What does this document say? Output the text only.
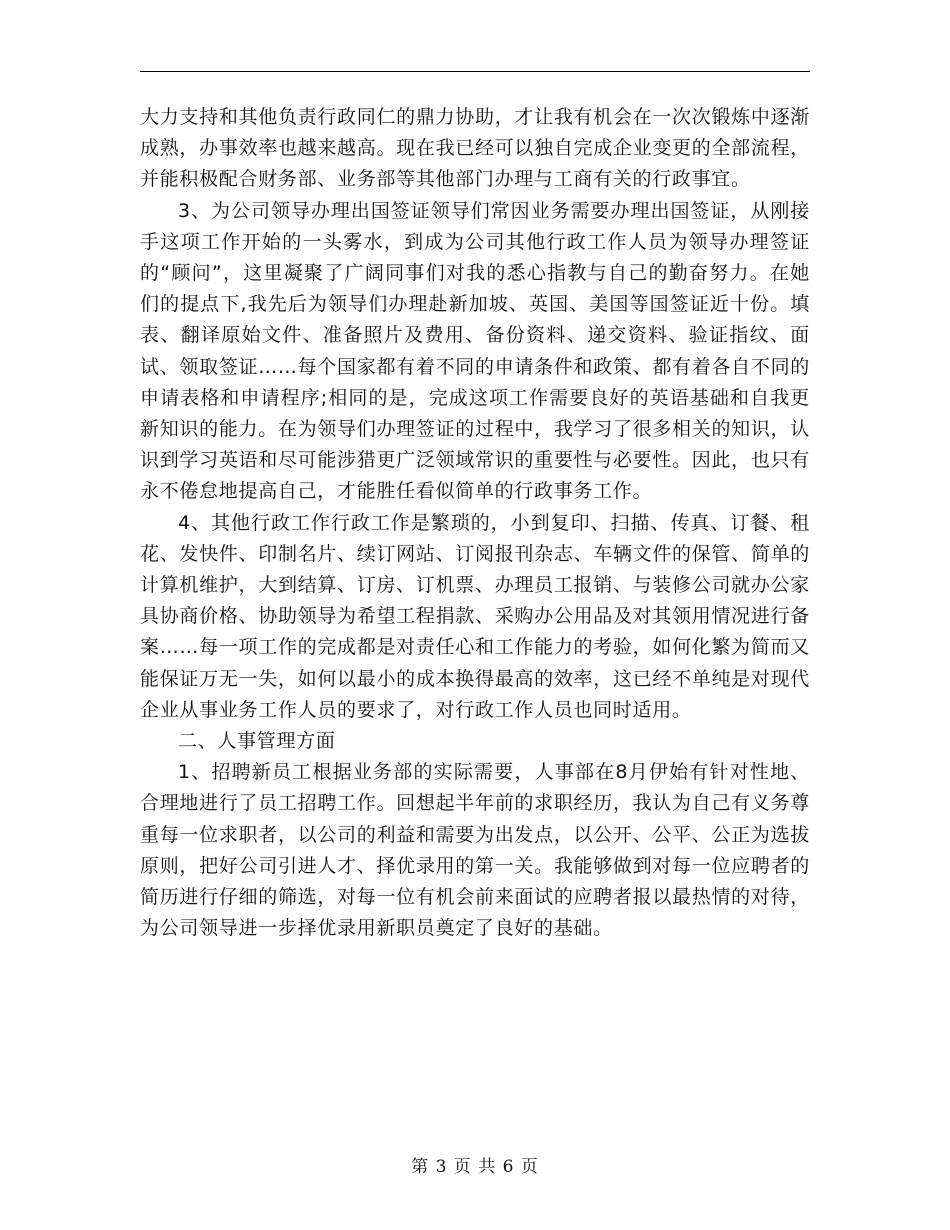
大力支持和其他负责行政同仁的鼎力协助，才让我有机会在一次次锻炼中逐渐成熟，办事效率也越来越高。现在我已经可以独自完成企业变更的全部流程，并能积极配合财务部、业务部等其他部门办理与工商有关的行政事宜。

3、为公司领导办理出国签证领导们常因业务需要办理出国签证，从刚接手这项工作开始的一头雾水，到成为公司其他行政工作人员为领导办理签证的“顾问”，这里凝聚了广阔同事们对我的悉心指教与自己的勤奋努力。在她们的提点下,我先后为领导们办理赴新加坡、英国、美国等国签证近十份。填表、翻译原始文件、准备照片及费用、备份资料、递交资料、验证指纹、面试、领取签证……每个国家都有着不同的申请条件和政策、都有着各自不同的申请表格和申请程序;相同的是，完成这项工作需要良好的英语基础和自我更新知识的能力。在为领导们办理签证的过程中，我学习了很多相关的知识，认识到学习英语和尽可能涉猎更广泛领域常识的重要性与必要性。因此，也只有永不倦怠地提高自己，才能胜任看似简单的行政事务工作。

4、其他行政工作行政工作是繁琐的，小到复印、扫描、传真、订餐、租花、发快件、印制名片、续订网站、订阅报刊杂志、车辆文件的保管、简单的计算机维护，大到结算、订房、订机票、办理员工报销、与装修公司就办公家具协商价格、协助领导为希望工程捐款、采购办公用品及对其领用情况进行备案……每一项工作的完成都是对责任心和工作能力的考验，如何化繁为简而又能保证万无一失，如何以最小的成本换得最高的效率，这已经不单纯是对现代企业从事业务工作人员的要求了，对行政工作人员也同时适用。

二、人事管理方面

1、招聘新员工根据业务部的实际需要，人事部在8月伊始有针对性地、合理地进行了员工招聘工作。回想起半年前的求职经历，我认为自己有义务尊重每一位求职者，以公司的利益和需要为出发点，以公开、公平、公正为选拔原则，把好公司引进人才、择优录用的第一关。我能够做到对每一位应聘者的简历进行仔细的筛选，对每一位有机会前来面试的应聘者报以最热情的对待，为公司领导进一步择优录用新职员奠定了良好的基础。

第 3 页 共 6 页
